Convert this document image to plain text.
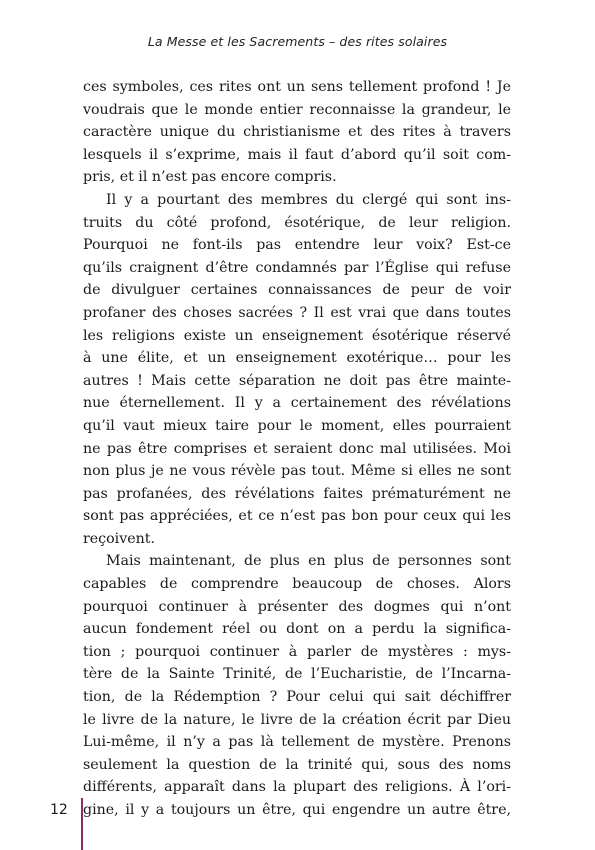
La Messe et les Sacrements – des rites solaires
ces symboles, ces rites ont un sens tellement profond ! Je
voudrais que le monde entier reconnaisse la grandeur, le
caractère unique du christianisme et des rites à travers
lesquels il s’exprime, mais il faut d’abord qu’il soit com-
pris, et il n’est pas encore compris.
Il y a pourtant des membres du clergé qui sont ins-
truits du côté profond, ésotérique, de leur religion.
Pourquoi ne font-ils pas entendre leur voix? Est-ce
qu’ils craignent d’être condamnés par l’Église qui refuse
de divulguer certaines connaissances de peur de voir
profaner des choses sacrées ? Il est vrai que dans toutes
les religions existe un enseignement ésotérique réservé
à une élite, et un enseignement exotérique… pour les
autres ! Mais cette séparation ne doit pas être mainte-
nue éternellement. Il y a certainement des révélations
qu’il vaut mieux taire pour le moment, elles pourraient
ne pas être comprises et seraient donc mal utilisées. Moi
non plus je ne vous révèle pas tout. Même si elles ne sont
pas profanées, des révélations faites prématurément ne
sont pas appréciées, et ce n’est pas bon pour ceux qui les
reçoivent.
Mais maintenant, de plus en plus de personnes sont
capables de comprendre beaucoup de choses. Alors
pourquoi continuer à présenter des dogmes qui n’ont
aucun fondement réel ou dont on a perdu la significa-
tion ; pourquoi continuer à parler de mystères : mys-
tère de la Sainte Trinité, de l’Eucharistie, de l’Incarna-
tion, de la Rédemption ? Pour celui qui sait déchiffrer
le livre de la nature, le livre de la création écrit par Dieu
Lui-même, il n’y a pas là tellement de mystère. Prenons
seulement la question de la trinité qui, sous des noms
différents, apparaît dans la plupart des religions. À l’ori-
gine, il y a toujours un être, qui engendre un autre être,
12
